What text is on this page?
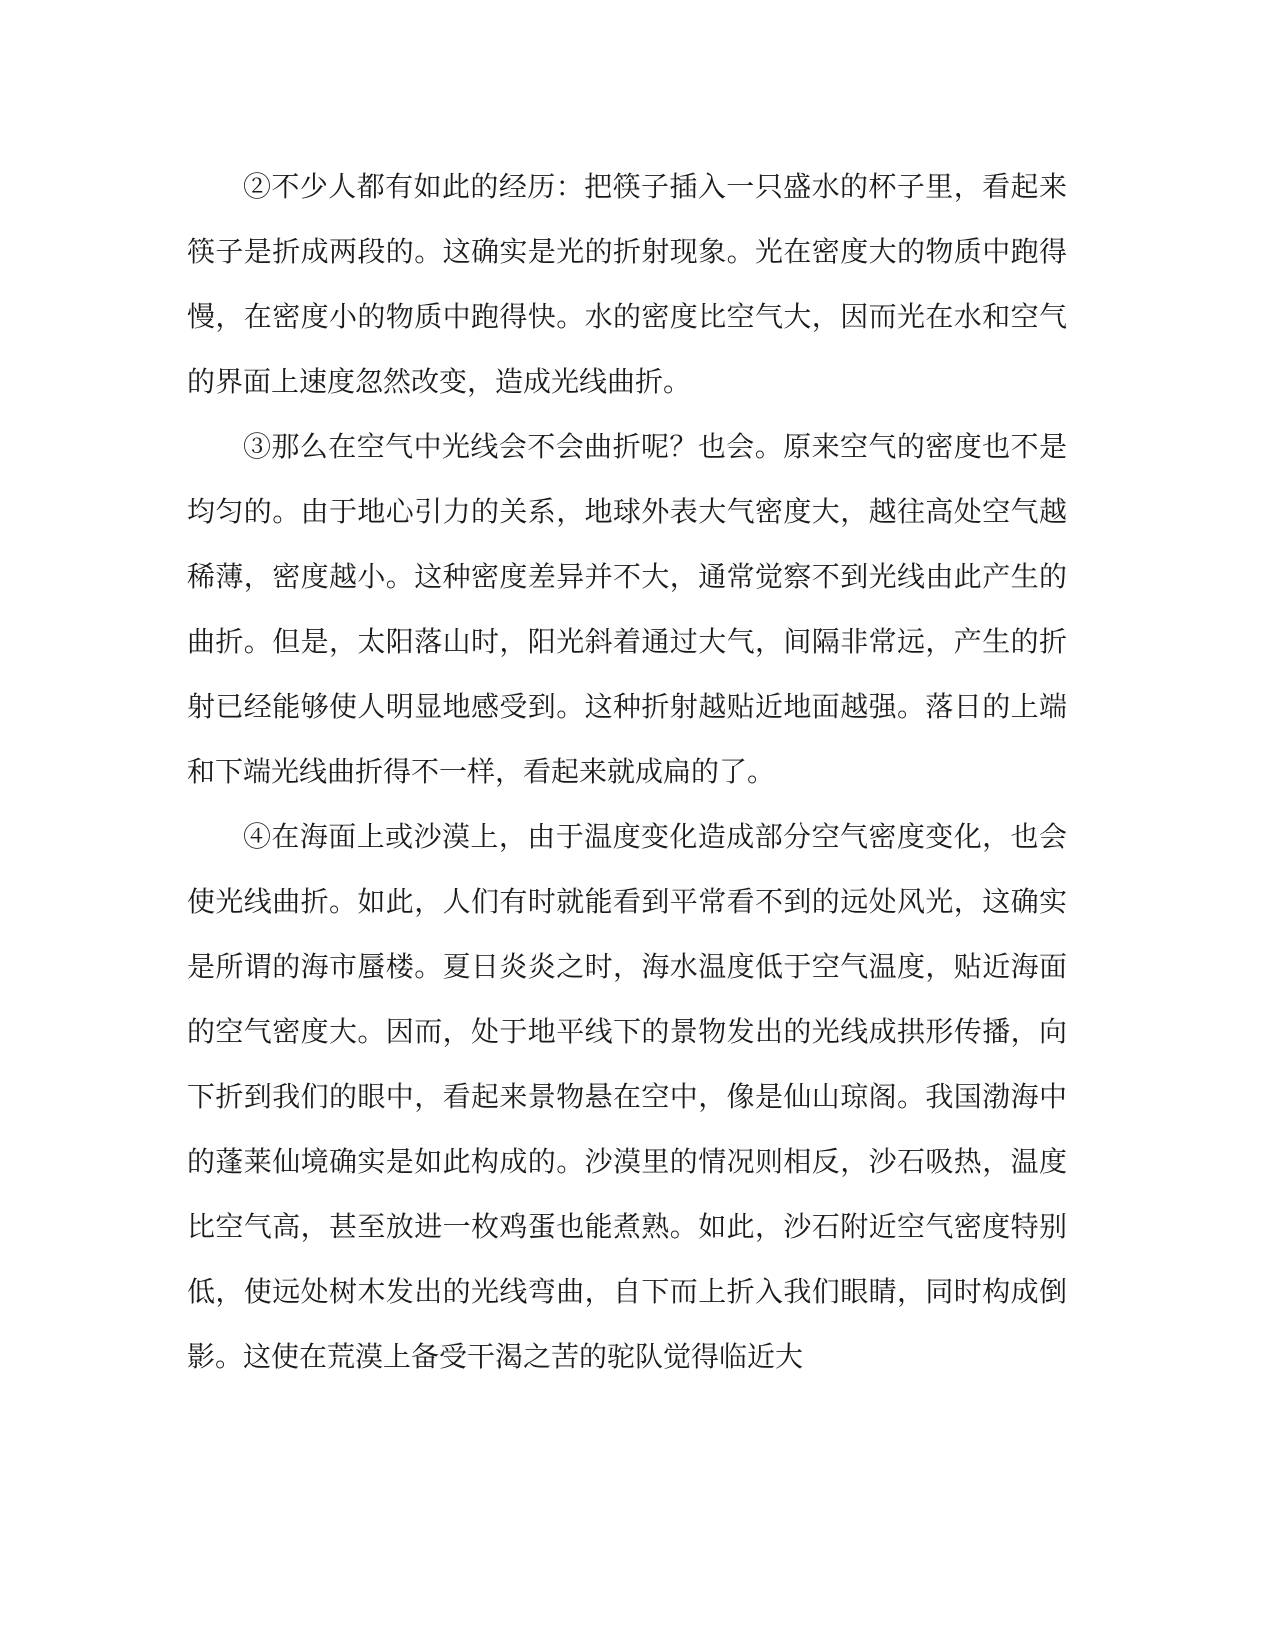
②不少人都有如此的经历：把筷子插入一只盛水的杯子里，看起来筷子是折成两段的。这确实是光的折射现象。光在密度大的物质中跑得慢，在密度小的物质中跑得快。水的密度比空气大，因而光在水和空气的界面上速度忽然改变，造成光线曲折。

③那么在空气中光线会不会曲折呢？也会。原来空气的密度也不是均匀的。由于地心引力的关系，地球外表大气密度大，越往高处空气越稀薄，密度越小。这种密度差异并不大，通常觉察不到光线由此产生的曲折。但是，太阳落山时，阳光斜着通过大气，间隔非常远，产生的折射已经能够使人明显地感受到。这种折射越贴近地面越强。落日的上端和下端光线曲折得不一样，看起来就成扁的了。

④在海面上或沙漠上，由于温度变化造成部分空气密度变化，也会使光线曲折。如此，人们有时就能看到平常看不到的远处风光，这确实是所谓的海市蜃楼。夏日炎炎之时，海水温度低于空气温度，贴近海面的空气密度大。因而，处于地平线下的景物发出的光线成拱形传播，向下折到我们的眼中，看起来景物悬在空中，像是仙山琼阁。我国渤海中的蓬莱仙境确实是如此构成的。沙漠里的情况则相反，沙石吸热，温度比空气高，甚至放进一枚鸡蛋也能煮熟。如此，沙石附近空气密度特别低，使远处树木发出的光线弯曲，自下而上折入我们眼睛，同时构成倒影。这使在荒漠上备受干渴之苦的驼队觉得临近大
